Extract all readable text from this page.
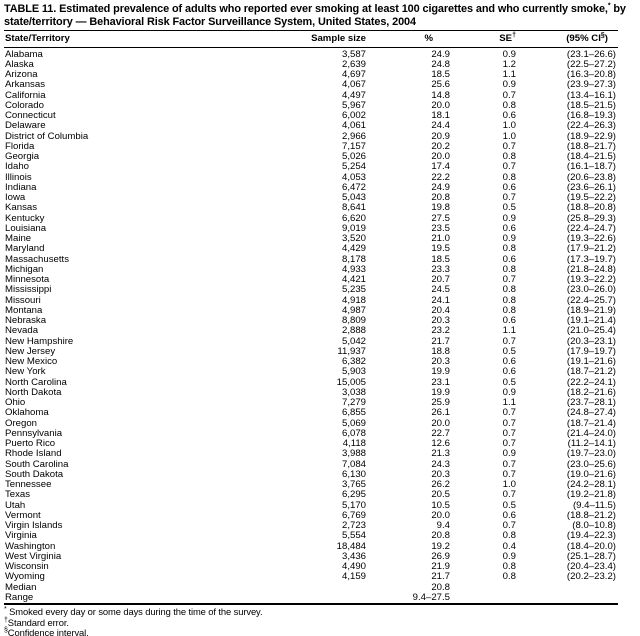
TABLE 11. Estimated prevalence of adults who reported ever smoking at least 100 cigarettes and who currently smoke,* by state/territory — Behavioral Risk Factor Surveillance System, United States, 2004
State/Territory	Sample size	%	SE†	(95% CI§)
Alabama	3,587	24.9	0.9	(23.1–26.6)
Alaska	2,639	24.8	1.2	(22.5–27.2)
Arizona	4,697	18.5	1.1	(16.3–20.8)
Arkansas	4,067	25.6	0.9	(23.9–27.3)
California	4,497	14.8	0.7	(13.4–16.1)
Colorado	5,967	20.0	0.8	(18.5–21.5)
Connecticut	6,002	18.1	0.6	(16.8–19.3)
Delaware	4,061	24.4	1.0	(22.4–26.3)
District of Columbia	2,966	20.9	1.0	(18.9–22.9)
Florida	7,157	20.2	0.7	(18.8–21.7)
Georgia	5,026	20.0	0.8	(18.4–21.5)
Idaho	5,254	17.4	0.7	(16.1–18.7)
Illinois	4,053	22.2	0.8	(20.6–23.8)
Indiana	6,472	24.9	0.6	(23.6–26.1)
Iowa	5,043	20.8	0.7	(19.5–22.2)
Kansas	8,641	19.8	0.5	(18.8–20.8)
Kentucky	6,620	27.5	0.9	(25.8–29.3)
Louisiana	9,019	23.5	0.6	(22.4–24.7)
Maine	3,520	21.0	0.9	(19.3–22.6)
Maryland	4,429	19.5	0.8	(17.9–21.2)
Massachusetts	8,178	18.5	0.6	(17.3–19.7)
Michigan	4,933	23.3	0.8	(21.8–24.8)
Minnesota	4,421	20.7	0.7	(19.3–22.2)
Mississippi	5,235	24.5	0.8	(23.0–26.0)
Missouri	4,918	24.1	0.8	(22.4–25.7)
Montana	4,987	20.4	0.8	(18.9–21.9)
Nebraska	8,809	20.3	0.6	(19.1–21.4)
Nevada	2,888	23.2	1.1	(21.0–25.4)
New Hampshire	5,042	21.7	0.7	(20.3–23.1)
New Jersey	11,937	18.8	0.5	(17.9–19.7)
New Mexico	6,382	20.3	0.6	(19.1–21.6)
New York	5,903	19.9	0.6	(18.7–21.2)
North Carolina	15,005	23.1	0.5	(22.2–24.1)
North Dakota	3,038	19.9	0.9	(18.2–21.6)
Ohio	7,279	25.9	1.1	(23.7–28.1)
Oklahoma	6,855	26.1	0.7	(24.8–27.4)
Oregon	5,069	20.0	0.7	(18.7–21.4)
Pennsylvania	6,078	22.7	0.7	(21.4–24.0)
Puerto Rico	4,118	12.6	0.7	(11.2–14.1)
Rhode Island	3,988	21.3	0.9	(19.7–23.0)
South Carolina	7,084	24.3	0.7	(23.0–25.6)
South Dakota	6,130	20.3	0.7	(19.0–21.6)
Tennessee	3,765	26.2	1.0	(24.2–28.1)
Texas	6,295	20.5	0.7	(19.2–21.8)
Utah	5,170	10.5	0.5	(9.4–11.5)
Vermont	6,769	20.0	0.6	(18.8–21.2)
Virgin Islands	2,723	9.4	0.7	(8.0–10.8)
Virginia	5,554	20.8	0.8	(19.4–22.3)
Washington	18,484	19.2	0.4	(18.4–20.0)
West Virginia	3,436	26.9	0.9	(25.1–28.7)
Wisconsin	4,490	21.9	0.8	(20.4–23.4)
Wyoming	4,159	21.7	0.8	(20.2–23.2)
Median		20.8		
Range		9.4–27.5		
* Smoked every day or some days during the time of the survey.
†Standard error.
§Confidence interval.
